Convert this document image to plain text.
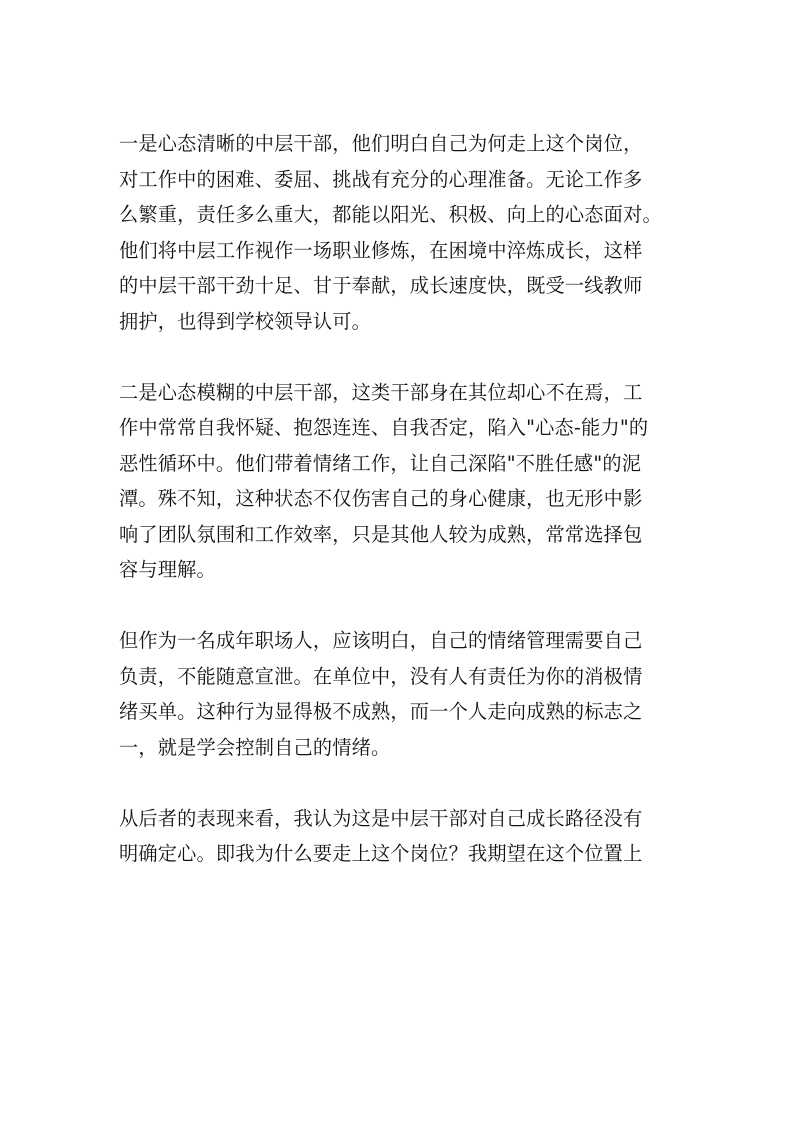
一是心态清晰的中层干部，他们明白自己为何走上这个岗位，
对工作中的困难、委屈、挑战有充分的心理准备。无论工作多
么繁重，责任多么重大，都能以阳光、积极、向上的心态面对。
他们将中层工作视作一场职业修炼，在困境中淬炼成长，这样
的中层干部干劲十足、甘于奉献，成长速度快，既受一线教师
拥护，也得到学校领导认可。

二是心态模糊的中层干部，这类干部身在其位却心不在焉，工
作中常常自我怀疑、抱怨连连、自我否定，陷入"心态-能力"的
恶性循环中。他们带着情绪工作，让自己深陷"不胜任感"的泥
潭。殊不知，这种状态不仅伤害自己的身心健康，也无形中影
响了团队氛围和工作效率，只是其他人较为成熟，常常选择包
容与理解。

但作为一名成年职场人，应该明白，自己的情绪管理需要自己
负责，不能随意宣泄。在单位中，没有人有责任为你的消极情
绪买单。这种行为显得极不成熟，而一个人走向成熟的标志之
一，就是学会控制自己的情绪。

从后者的表现来看，我认为这是中层干部对自己成长路径没有
明确定心。即我为什么要走上这个岗位？我期望在这个位置上
